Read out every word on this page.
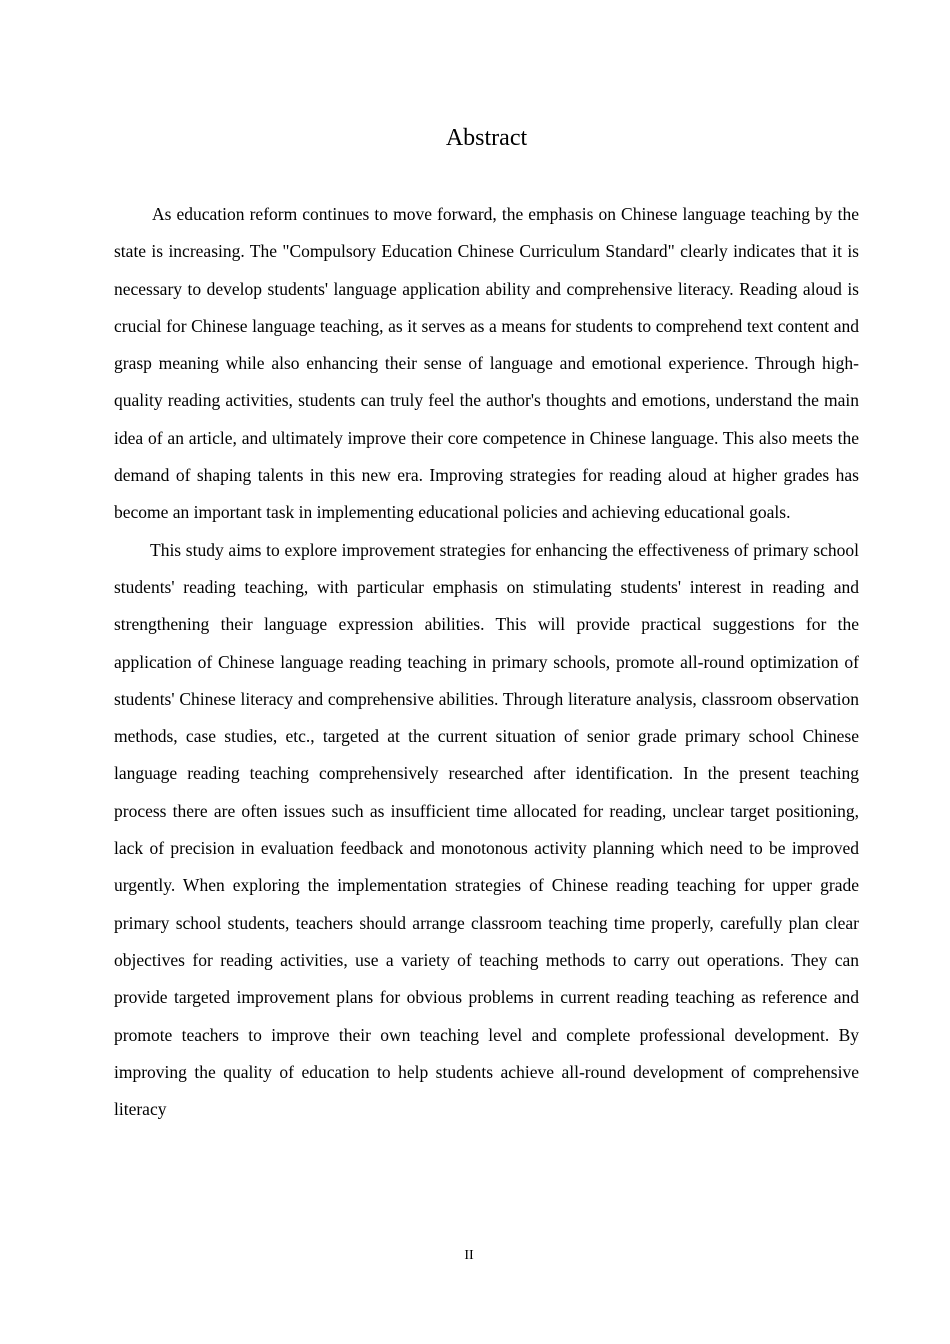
Abstract

As education reform continues to move forward, the emphasis on Chinese language teaching by the state is increasing. The "Compulsory Education Chinese Curriculum Standard" clearly indicates that it is necessary to develop students' language application ability and comprehensive literacy. Reading aloud is crucial for Chinese language teaching, as it serves as a means for students to comprehend text content and grasp meaning while also enhancing their sense of language and emotional experience. Through high-quality reading activities, students can truly feel the author's thoughts and emotions, understand the main idea of an article, and ultimately improve their core competence in Chinese language. This also meets the demand of shaping talents in this new era. Improving strategies for reading aloud at higher grades has become an important task in implementing educational policies and achieving educational goals.

This study aims to explore improvement strategies for enhancing the effectiveness of primary school students' reading teaching, with particular emphasis on stimulating students' interest in reading and strengthening their language expression abilities. This will provide practical suggestions for the application of Chinese language reading teaching in primary schools, promote all-round optimization of students' Chinese literacy and comprehensive abilities. Through literature analysis, classroom observation methods, case studies, etc., targeted at the current situation of senior grade primary school Chinese language reading teaching comprehensively researched after identification. In the present teaching process there are often issues such as insufficient time allocated for reading, unclear target positioning, lack of precision in evaluation feedback and monotonous activity planning which need to be improved urgently. When exploring the implementation strategies of Chinese reading teaching for upper grade primary school students, teachers should arrange classroom teaching time properly, carefully plan clear objectives for reading activities, use a variety of teaching methods to carry out operations. They can provide targeted improvement plans for obvious problems in current reading teaching as reference and promote teachers to improve their own teaching level and complete professional development. By improving the quality of education to help students achieve all-round development of comprehensive literacy

II
